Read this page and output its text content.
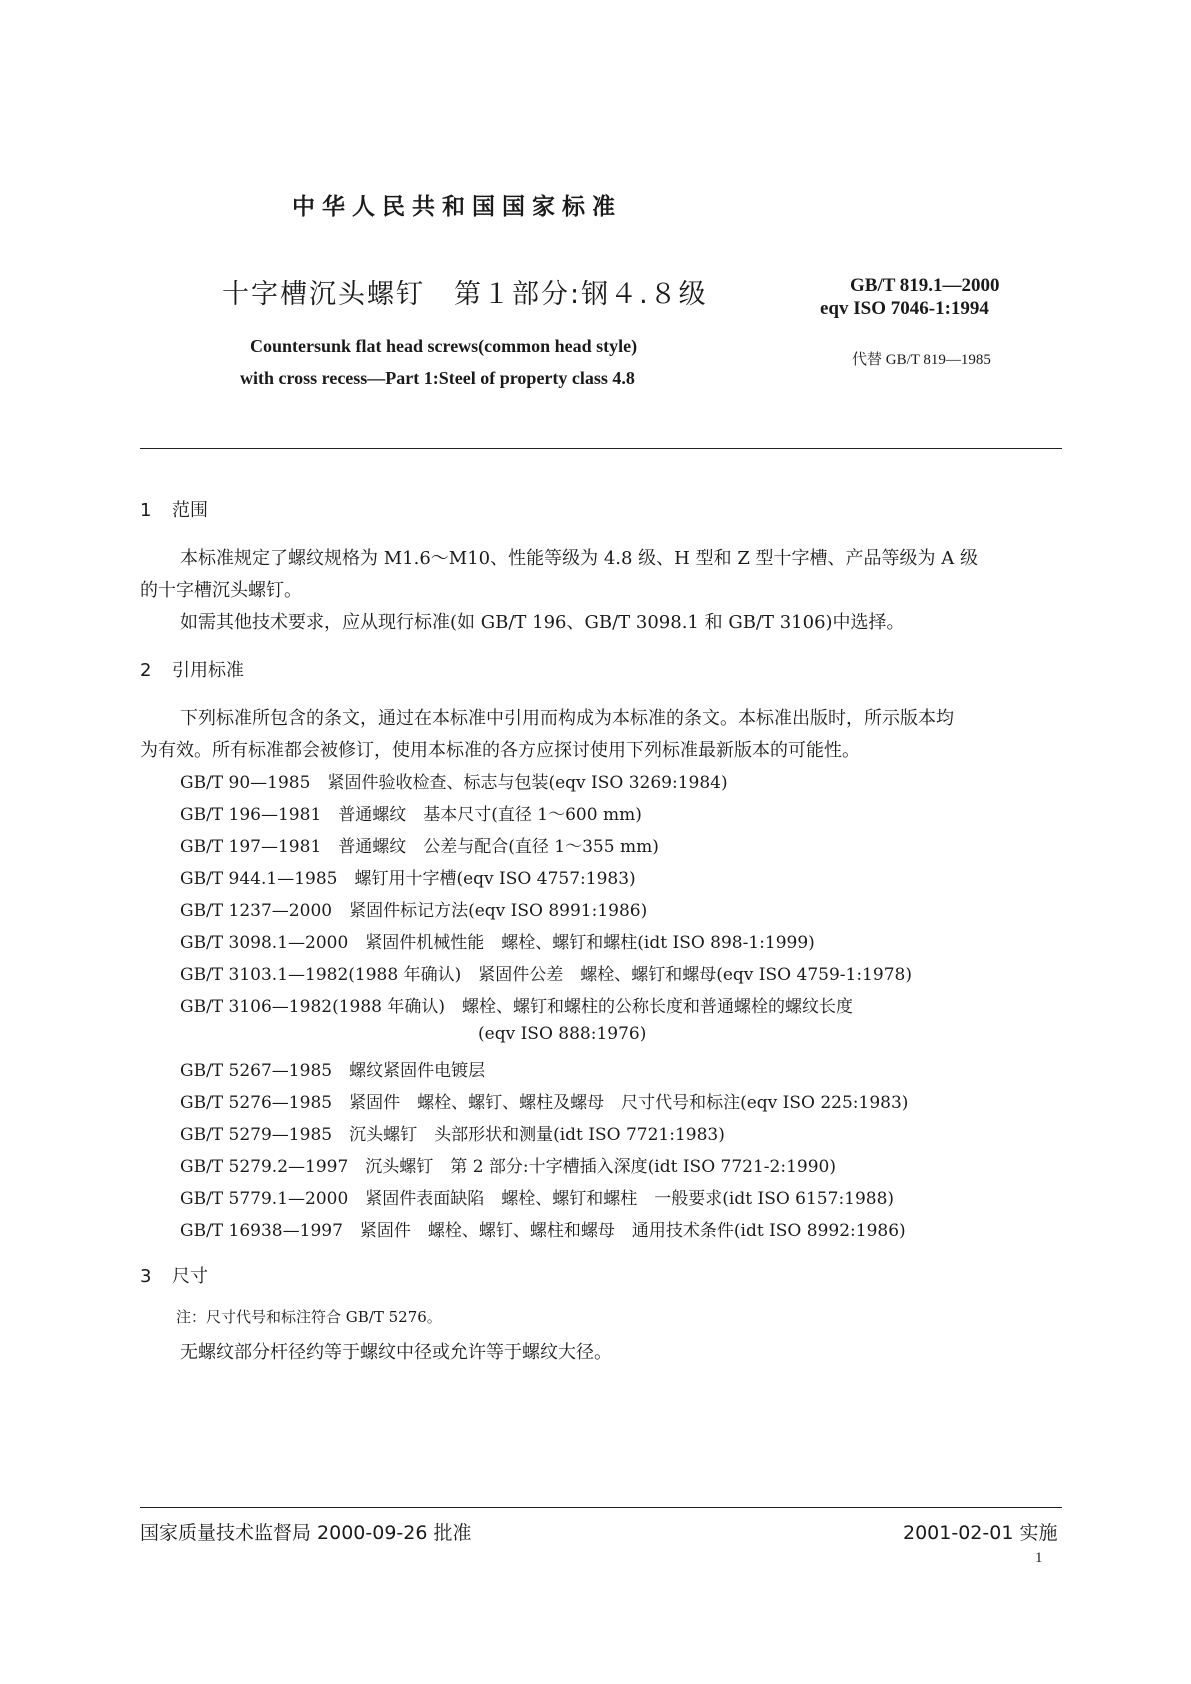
中华人民共和国国家标准
十字槽沉头螺钉　第１部分:钢４.８级
Countersunk flat head screws(common head style)
with cross recess—Part 1:Steel of property class 4.8
GB/T 819.1—2000
eqv ISO 7046-1:1994
代替 GB/T 819—1985
1 范围
本标准规定了螺纹规格为 M1.6～M10、性能等级为 4.8 级、H 型和 Z 型十字槽、产品等级为 A 级
的十字槽沉头螺钉。
如需其他技术要求，应从现行标准(如 GB/T 196、GB/T 3098.1 和 GB/T 3106)中选择。
2 引用标准
下列标准所包含的条文，通过在本标准中引用而构成为本标准的条文。本标准出版时，所示版本均
为有效。所有标准都会被修订，使用本标准的各方应探讨使用下列标准最新版本的可能性。
GB/T 90—1985　紧固件验收检查、标志与包装(eqv ISO 3269:1984)
GB/T 196—1981　普通螺纹　基本尺寸(直径 1～600 mm)
GB/T 197—1981　普通螺纹　公差与配合(直径 1～355 mm)
GB/T 944.1—1985　螺钉用十字槽(eqv ISO 4757:1983)
GB/T 1237—2000　紧固件标记方法(eqv ISO 8991:1986)
GB/T 3098.1—2000　紧固件机械性能　螺栓、螺钉和螺柱(idt ISO 898-1:1999)
GB/T 3103.1—1982(1988 年确认)　紧固件公差　螺栓、螺钉和螺母(eqv ISO 4759-1:1978)
GB/T 3106—1982(1988 年确认)　螺栓、螺钉和螺柱的公称长度和普通螺栓的螺纹长度
(eqv ISO 888:1976)
GB/T 5267—1985　螺纹紧固件电镀层
GB/T 5276—1985　紧固件　螺栓、螺钉、螺柱及螺母　尺寸代号和标注(eqv ISO 225:1983)
GB/T 5279—1985　沉头螺钉　头部形状和测量(idt ISO 7721:1983)
GB/T 5279.2—1997　沉头螺钉　第 2 部分:十字槽插入深度(idt ISO 7721-2:1990)
GB/T 5779.1—2000　紧固件表面缺陷　螺栓、螺钉和螺柱　一般要求(idt ISO 6157:1988)
GB/T 16938—1997　紧固件　螺栓、螺钉、螺柱和螺母　通用技术条件(idt ISO 8992:1986)
3 尺寸
注：尺寸代号和标注符合 GB/T 5276。
无螺纹部分杆径约等于螺纹中径或允许等于螺纹大径。
国家质量技术监督局 2000-09-26 批准	2001-02-01 实施
1
